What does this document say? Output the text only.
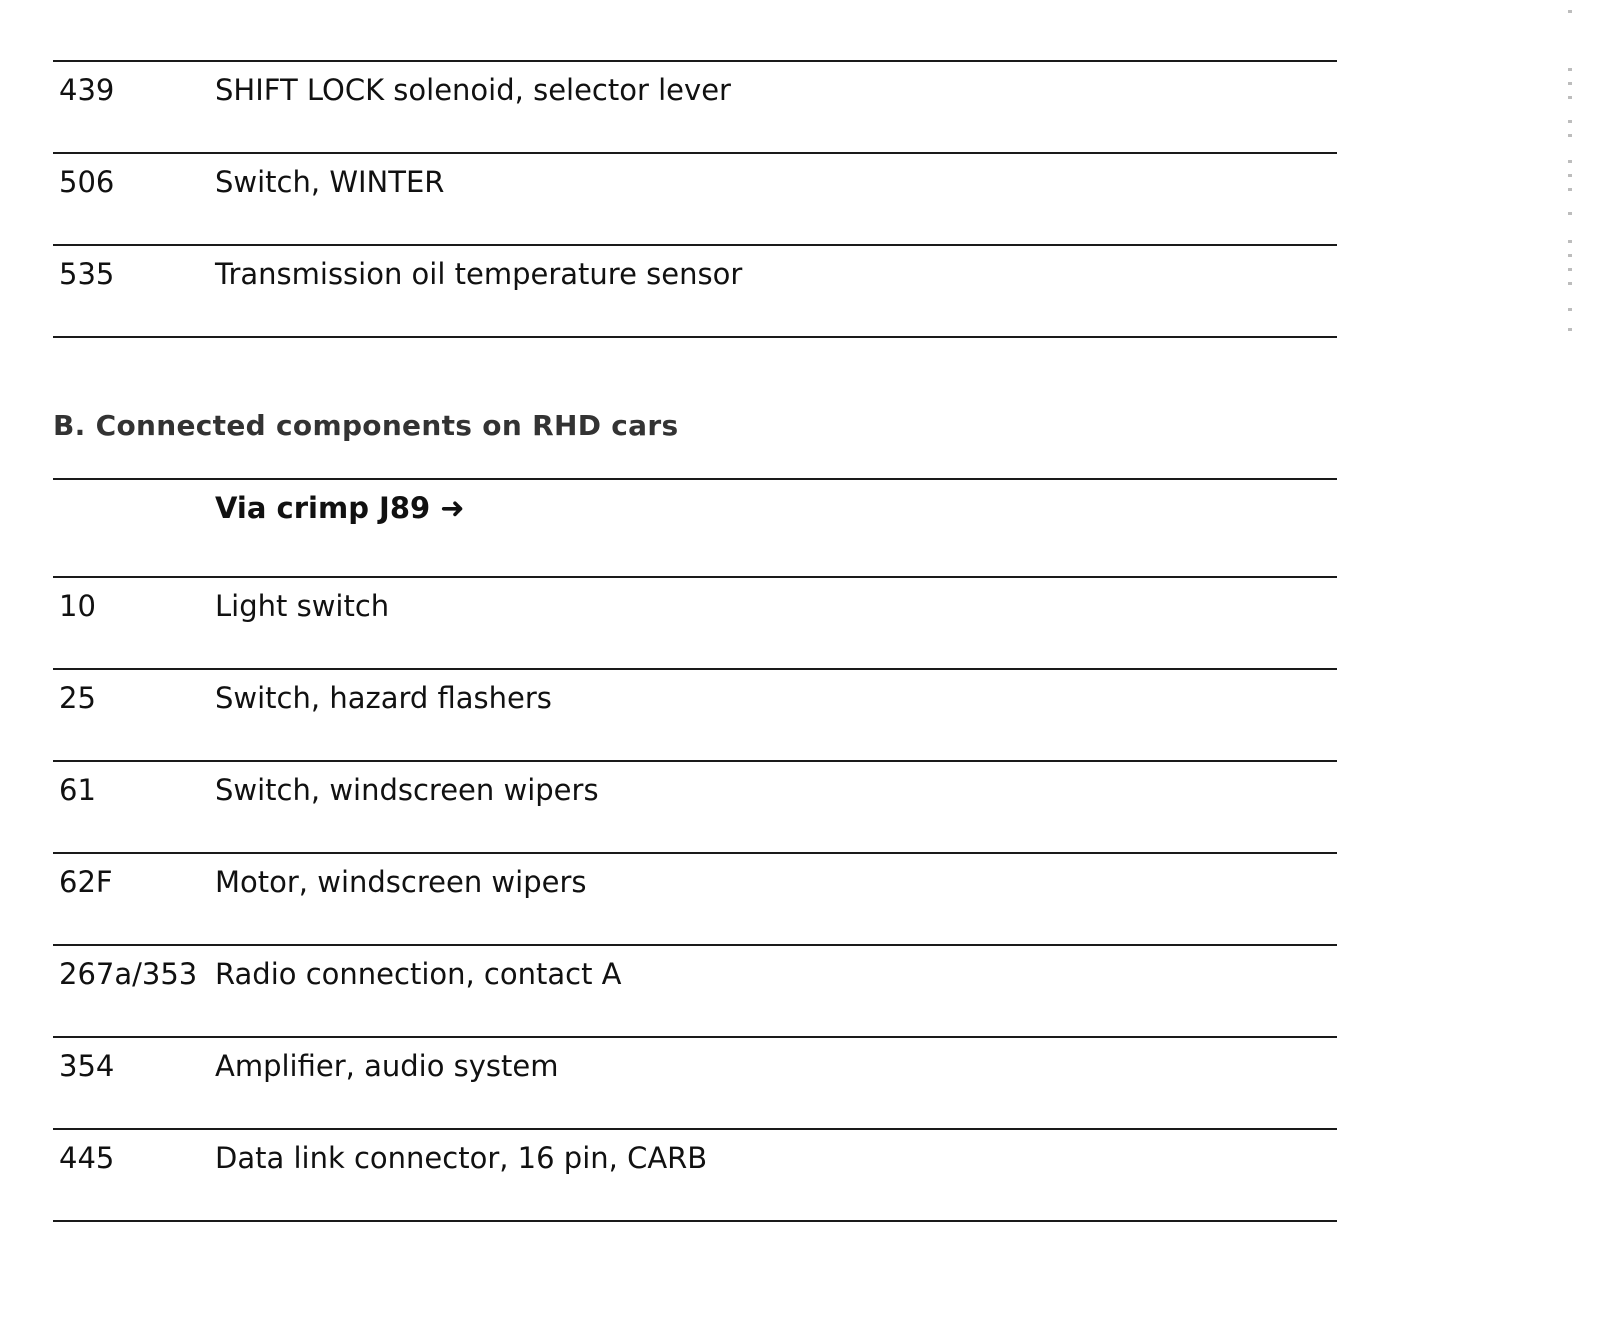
439	SHIFT LOCK solenoid, selector lever
506	Switch, WINTER
535	Transmission oil temperature sensor
B. Connected components on RHD cars
Via crimp J89 ➜
10	Light switch
25	Switch, hazard flashers
61	Switch, windscreen wipers
62F	Motor, windscreen wipers
267a/353 Radio connection, contact A
354	Amplifier, audio system
445	Data link connector, 16 pin, CARB
